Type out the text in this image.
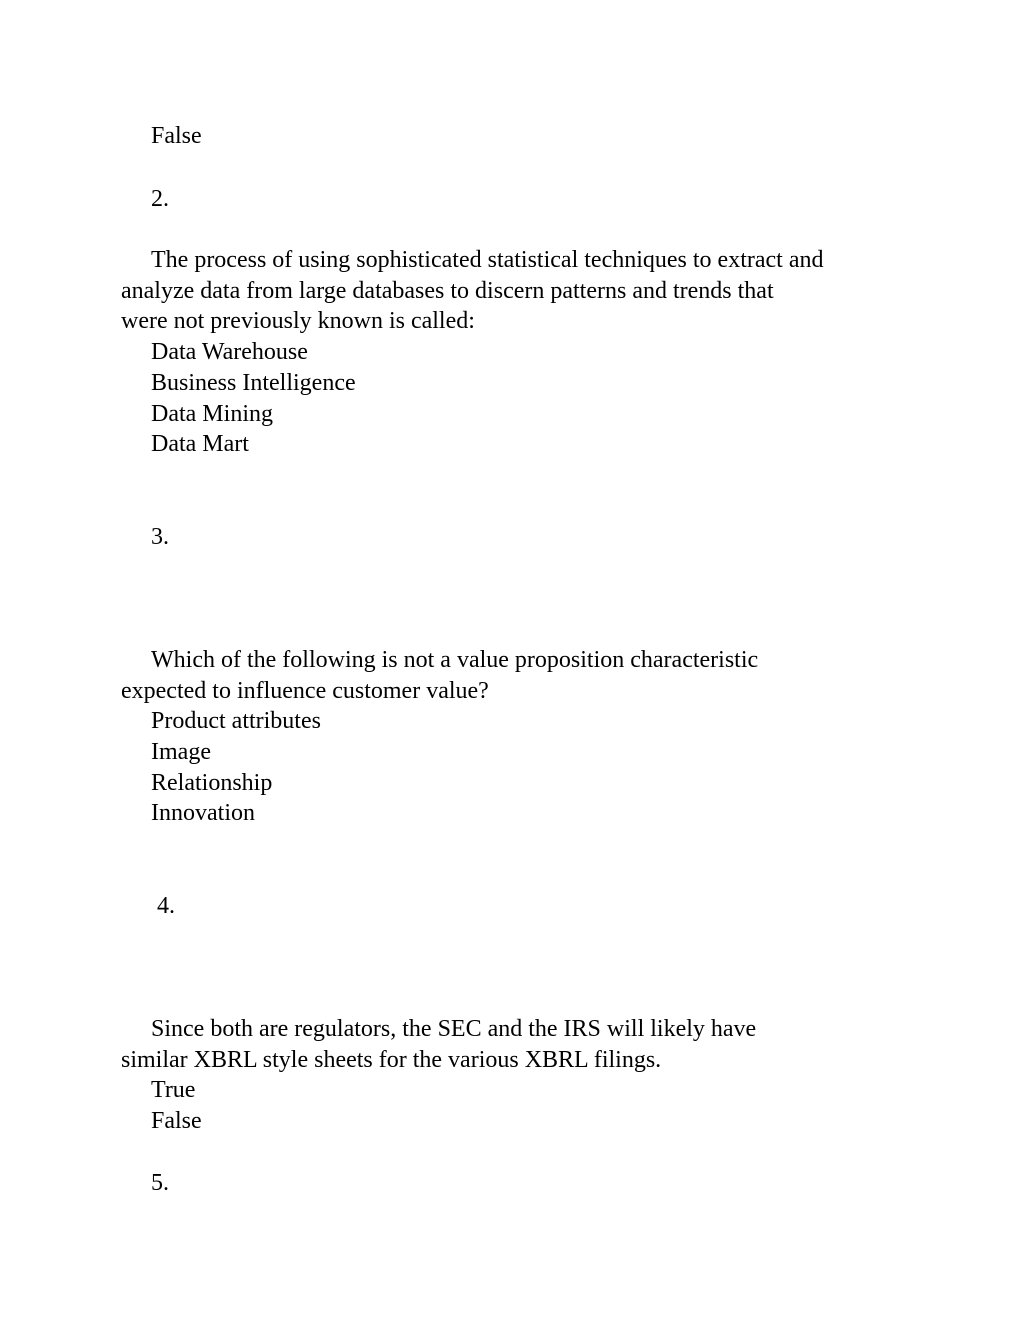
False
2.
The process of using sophisticated statistical techniques to extract and
analyze data from large databases to discern patterns and trends that
were not previously known is called:
Data Warehouse
Business Intelligence
Data Mining
Data Mart
3.
Which of the following is not a value proposition characteristic
expected to influence customer value?
Product attributes
Image
Relationship
Innovation
4.
Since both are regulators, the SEC and the IRS will likely have
similar XBRL style sheets for the various XBRL filings.
True
False
5.
